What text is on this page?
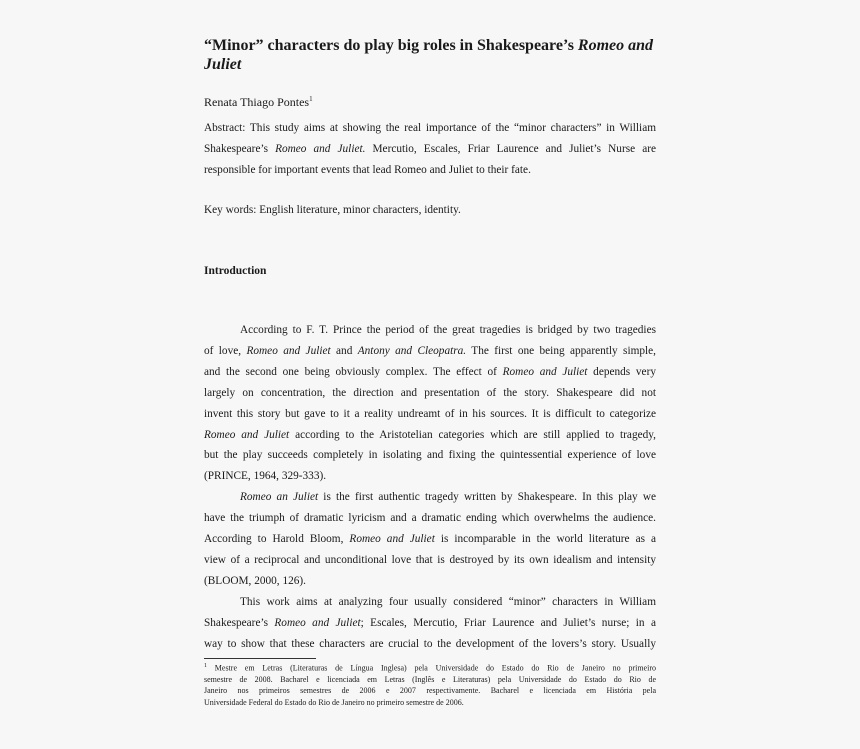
“Minor” characters do play big roles in Shakespeare’s Romeo and
Juliet
Renata Thiago Pontes$^1$
Abstract: This study aims at showing the real importance of the “minor characters” in William
Shakespeare’s Romeo and Juliet. Mercutio, Escales, Friar Laurence and Juliet’s Nurse are
responsible for important events that lead Romeo and Juliet to their fate.
Key words: English literature, minor characters, identity.
Introduction

According to F. T. Prince the period of the great tragedies is bridged by two tragedies
of love, Romeo and Juliet and Antony and Cleopatra. The first one being apparently simple,
and the second one being obviously complex. The effect of Romeo and Juliet depends very
largely on concentration, the direction and presentation of the story. Shakespeare did not
invent this story but gave to it a reality undreamt of in his sources. It is difficult to categorize
Romeo and Juliet according to the Aristotelian categories which are still applied to tragedy,
but the play succeeds completely in isolating and fixing the quintessential experience of love
(PRINCE, 1964, 329-333).

Romeo an Juliet is the first authentic tragedy written by Shakespeare. In this play we
have the triumph of dramatic lyricism and a dramatic ending which overwhelms the audience.
According to Harold Bloom, Romeo and Juliet is incomparable in the world literature as a
view of a reciprocal and unconditional love that is destroyed by its own idealism and intensity
(BLOOM, 2000, 126).

This work aims at analyzing four usually considered “minor” characters in William
Shakespeare’s Romeo and Juliet; Escales, Mercutio, Friar Laurence and Juliet’s nurse; in a
way to show that these characters are crucial to the development of the lovers’s story. Usually

$^1$ Mestre em Letras (Literaturas de Língua Inglesa) pela Universidade do Estado do Rio de Janeiro no primeiro
semestre de 2008. Bacharel e licenciada em Letras (Inglês e Literaturas) pela Universidade do Estado do Rio de
Janeiro nos primeiros semestres de 2006 e 2007 respectivamente. Bacharel e licenciada em História pela
Universidade Federal do Estado do Rio de Janeiro no primeiro semestre de 2006.
